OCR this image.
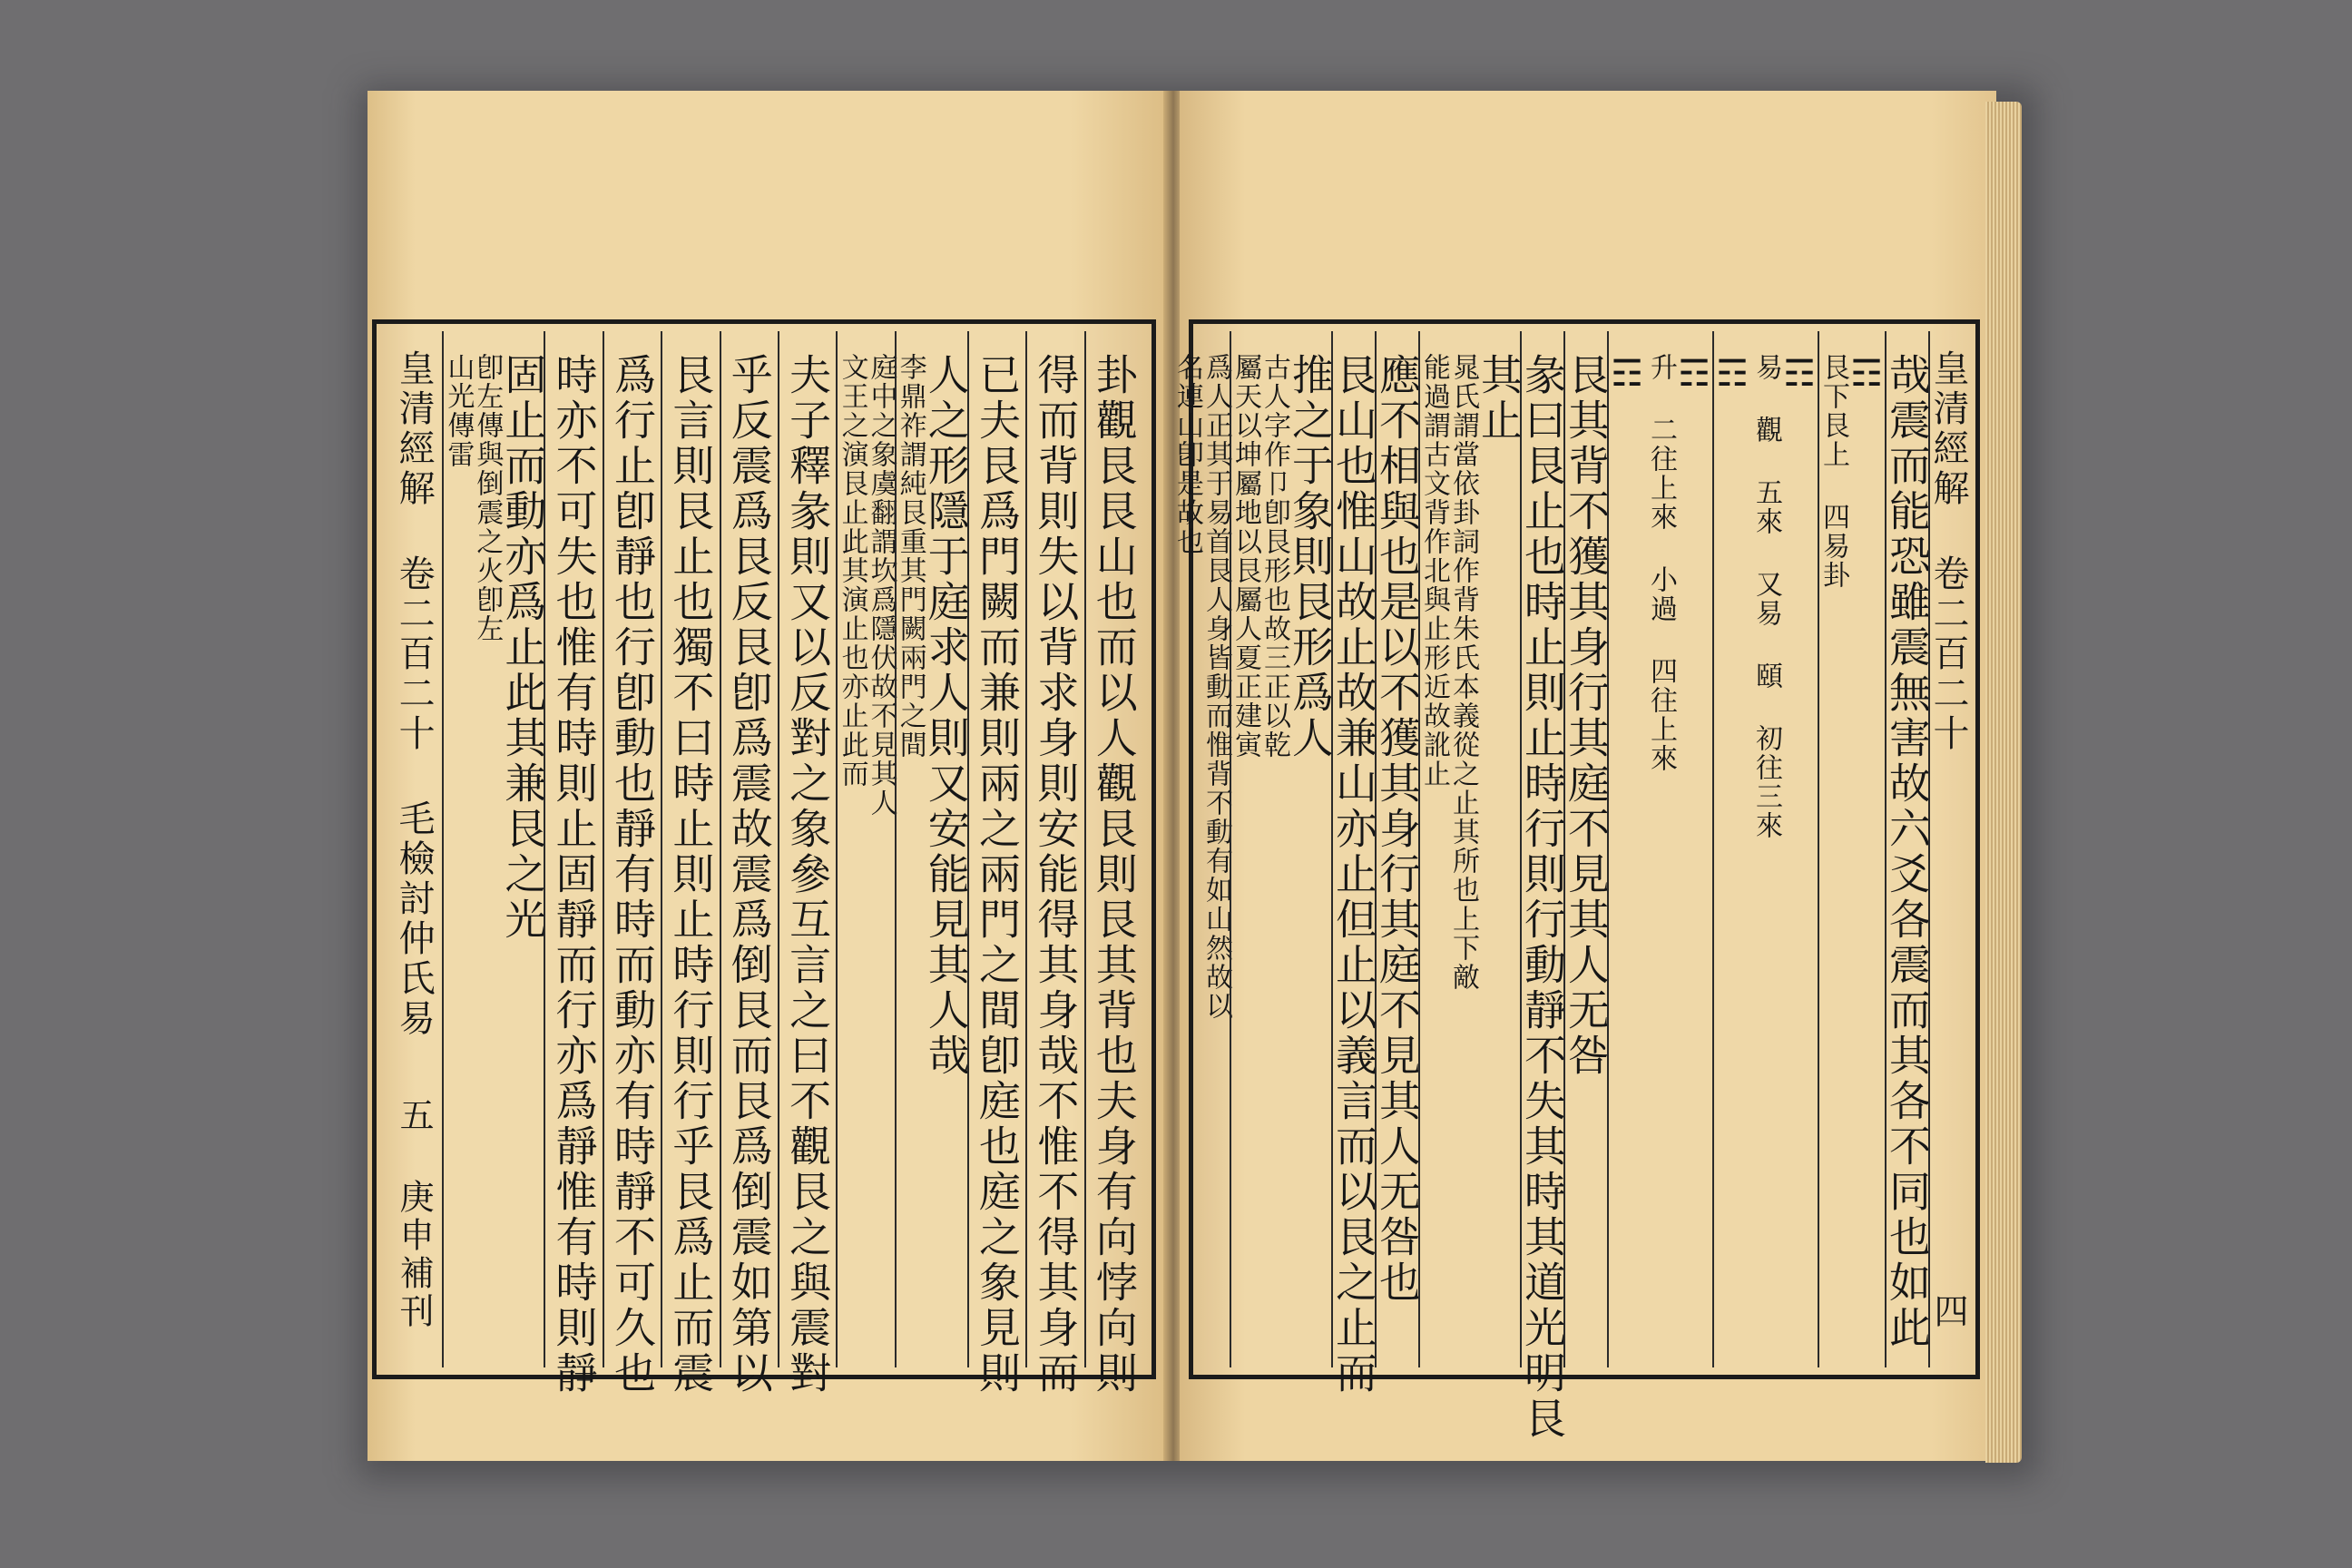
卦觀艮艮山也而以人觀艮則艮其背也夫身有向悖向則
得而背則失以背求身則安能得其身哉不惟不得其身而
已夫艮爲門闕而兼則兩之兩門之間卽庭也庭之象見則
人之形隱于庭求人則又安能見其人哉
李鼎祚謂純艮重其門闕兩門之間
庭中之象虞翻謂坎爲隱伏故不見其人
文王之演艮止此其演止也亦止此而
夫子釋彖則又以反對之象參互言之曰不觀艮之與震對
乎反震爲艮反艮卽爲震故震爲倒艮而艮爲倒震如第以
艮言則艮止也獨不曰時止則止時行則行乎艮爲止而震
爲行止卽靜也行卽動也靜有時而動亦有時靜不可久也
時亦不可失也惟有時則止固靜而行亦爲靜惟有時則靜
固止而動亦爲止此其兼艮之光
卽左傳與倒震之火卽左
山光傳雷
皇清經解 卷二百二十 毛檢討仲氏易
五 庚申補刊
皇清經解 卷二百二十
四
哉震而能恐雖震無害故六爻各震而其各不同也如此
☶
艮下艮上 四易卦
☶
易 觀 五來 又易 頤 初往三來
☶
☶
升 二往上來 小過 四往上來
☶
艮其背不獲其身行其庭不見其人无咎
彖曰艮止也時止則止時行則行動靜不失其時其道光明艮
其止
晁氏謂當依卦詞作背朱氏本義從之止其所也上下敵
能過謂古文背作北與止形近故訛止
應不相與也是以不獲其身行其庭不見其人无咎也
艮山也惟山故止故兼山亦止但止以義言而以艮之止而
推之于象則艮形爲人
古人字作卩卽艮形也故三正以乾
屬天以坤屬地以艮屬人夏正建寅
爲人正其于易首艮人身皆動而惟背不動有如山然故以
名連山卽是故也
